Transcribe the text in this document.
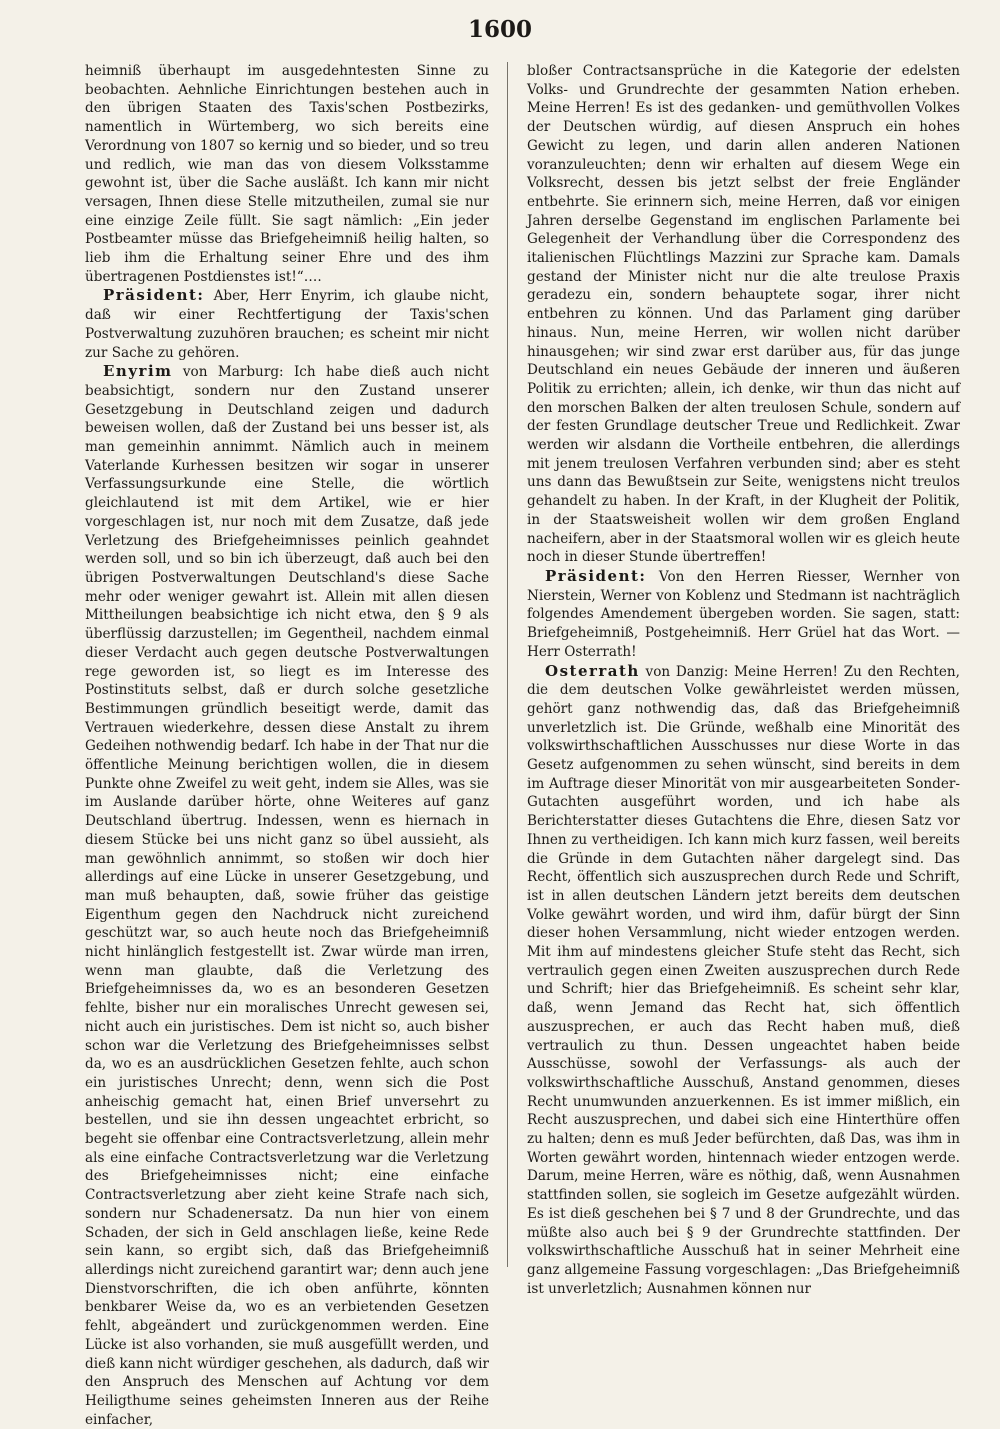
1600

heimniß überhaupt im ausgedehntesten Sinne zu beobachten. Aehnliche Einrichtungen bestehen auch in den übrigen Staaten des Taxis'schen Postbezirks, namentlich in Würtemberg, wo sich bereits eine Verordnung von 1807 so kernig und so bieder, und so treu und redlich, wie man das von diesem Volksstamme gewohnt ist, über die Sache ausläßt. Ich kann mir nicht versagen, Ihnen diese Stelle mitzutheilen, zumal sie nur eine einzige Zeile füllt. Sie sagt nämlich: „Ein jeder Postbeamter müsse das Briefgeheimniß heilig halten, so lieb ihm die Erhaltung seiner Ehre und des ihm übertragenen Postdienstes ist!“….

Präsident: Aber, Herr Enyrim, ich glaube nicht, daß wir einer Rechtfertigung der Taxis'schen Postverwaltung zuzuhören brauchen; es scheint mir nicht zur Sache zu gehören.

Enyrim von Marburg: Ich habe dieß auch nicht beabsichtigt, sondern nur den Zustand unserer Gesetzgebung in Deutschland zeigen und dadurch beweisen wollen, daß der Zustand bei uns besser ist, als man gemeinhin annimmt. Nämlich auch in meinem Vaterlande Kurhessen besitzen wir sogar in unserer Verfassungsurkunde eine Stelle, die wörtlich gleichlautend ist mit dem Artikel, wie er hier vorgeschlagen ist, nur noch mit dem Zusatze, daß jede Verletzung des Briefgeheimnisses peinlich geahndet werden soll, und so bin ich überzeugt, daß auch bei den übrigen Postverwaltungen Deutschland's diese Sache mehr oder weniger gewahrt ist. Allein mit allen diesen Mittheilungen beabsichtige ich nicht etwa, den § 9 als überflüssig darzustellen; im Gegentheil, nachdem einmal dieser Verdacht auch gegen deutsche Postverwaltungen rege geworden ist, so liegt es im Interesse des Postinstituts selbst, daß er durch solche gesetzliche Bestimmungen gründlich beseitigt werde, damit das Vertrauen wiederkehre, dessen diese Anstalt zu ihrem Gedeihen nothwendig bedarf. Ich habe in der That nur die öffentliche Meinung berichtigen wollen, die in diesem Punkte ohne Zweifel zu weit geht, indem sie Alles, was sie im Auslande darüber hörte, ohne Weiteres auf ganz Deutschland übertrug. Indessen, wenn es hiernach in diesem Stücke bei uns nicht ganz so übel aussieht, als man gewöhnlich annimmt, so stoßen wir doch hier allerdings auf eine Lücke in unserer Gesetzgebung, und man muß behaupten, daß, sowie früher das geistige Eigenthum gegen den Nachdruck nicht zureichend geschützt war, so auch heute noch das Briefgeheimniß nicht hinlänglich festgestellt ist. Zwar würde man irren, wenn man glaubte, daß die Verletzung des Briefgeheimnisses da, wo es an besonderen Gesetzen fehlte, bisher nur ein moralisches Unrecht gewesen sei, nicht auch ein juristisches. Dem ist nicht so, auch bisher schon war die Verletzung des Briefgeheimnisses selbst da, wo es an ausdrücklichen Gesetzen fehlte, auch schon ein juristisches Unrecht; denn, wenn sich die Post anheischig gemacht hat, einen Brief unversehrt zu bestellen, und sie ihn dessen ungeachtet erbricht, so begeht sie offenbar eine Contractsverletzung, allein mehr als eine einfache Contractsverletzung war die Verletzung des Briefgeheimnisses nicht; eine einfache Contractsverletzung aber zieht keine Strafe nach sich, sondern nur Schadenersatz. Da nun hier von einem Schaden, der sich in Geld anschlagen ließe, keine Rede sein kann, so ergibt sich, daß das Briefgeheimniß allerdings nicht zureichend garantirt war; denn auch jene Dienstvorschriften, die ich oben anführte, könnten benkbarer Weise da, wo es an verbietenden Gesetzen fehlt, abgeändert und zurückgenommen werden. Eine Lücke ist also vorhanden, sie muß ausgefüllt werden, und dieß kann nicht würdiger geschehen, als dadurch, daß wir den Anspruch des Menschen auf Achtung vor dem Heiligthume seines geheimsten Inneren aus der Reihe einfacher,

bloßer Contractsansprüche in die Kategorie der edelsten Volks- und Grundrechte der gesammten Nation erheben. Meine Herren! Es ist des gedanken- und gemüthvollen Volkes der Deutschen würdig, auf diesen Anspruch ein hohes Gewicht zu legen, und darin allen anderen Nationen voranzuleuchten; denn wir erhalten auf diesem Wege ein Volksrecht, dessen bis jetzt selbst der freie Engländer entbehrte. Sie erinnern sich, meine Herren, daß vor einigen Jahren derselbe Gegenstand im englischen Parlamente bei Gelegenheit der Verhandlung über die Correspondenz des italienischen Flüchtlings Mazzini zur Sprache kam. Damals gestand der Minister nicht nur die alte treulose Praxis geradezu ein, sondern behauptete sogar, ihrer nicht entbehren zu können. Und das Parlament ging darüber hinaus. Nun, meine Herren, wir wollen nicht darüber hinausgehen; wir sind zwar erst darüber aus, für das junge Deutschland ein neues Gebäude der inneren und äußeren Politik zu errichten; allein, ich denke, wir thun das nicht auf den morschen Balken der alten treulosen Schule, sondern auf der festen Grundlage deutscher Treue und Redlichkeit. Zwar werden wir alsdann die Vortheile entbehren, die allerdings mit jenem treulosen Verfahren verbunden sind; aber es steht uns dann das Bewußtsein zur Seite, wenigstens nicht treulos gehandelt zu haben. In der Kraft, in der Klugheit der Politik, in der Staatsweisheit wollen wir dem großen England nacheifern, aber in der Staatsmoral wollen wir es gleich heute noch in dieser Stunde übertreffen!

Präsident: Von den Herren Riesser, Wernher von Nierstein, Werner von Koblenz und Stedmann ist nachträglich folgendes Amendement übergeben worden. Sie sagen, statt: Briefgeheimniß, Postgeheimniß. Herr Grüel hat das Wort. — Herr Osterrath!

Osterrath von Danzig: Meine Herren! Zu den Rechten, die dem deutschen Volke gewährleistet werden müssen, gehört ganz nothwendig das, daß das Briefgeheimniß unverletzlich ist. Die Gründe, weßhalb eine Minorität des volkswirthschaftlichen Ausschusses nur diese Worte in das Gesetz aufgenommen zu sehen wünscht, sind bereits in dem im Auftrage dieser Minorität von mir ausgearbeiteten Sonder-Gutachten ausgeführt worden, und ich habe als Berichterstatter dieses Gutachtens die Ehre, diesen Satz vor Ihnen zu vertheidigen. Ich kann mich kurz fassen, weil bereits die Gründe in dem Gutachten näher dargelegt sind. Das Recht, öffentlich sich auszusprechen durch Rede und Schrift, ist in allen deutschen Ländern jetzt bereits dem deutschen Volke gewährt worden, und wird ihm, dafür bürgt der Sinn dieser hohen Versammlung, nicht wieder entzogen werden. Mit ihm auf mindestens gleicher Stufe steht das Recht, sich vertraulich gegen einen Zweiten auszusprechen durch Rede und Schrift; hier das Briefgeheimniß. Es scheint sehr klar, daß, wenn Jemand das Recht hat, sich öffentlich auszusprechen, er auch das Recht haben muß, dieß vertraulich zu thun. Dessen ungeachtet haben beide Ausschüsse, sowohl der Verfassungs- als auch der volkswirthschaftliche Ausschuß, Anstand genommen, dieses Recht unumwunden anzuerkennen. Es ist immer mißlich, ein Recht auszusprechen, und dabei sich eine Hinterthüre offen zu halten; denn es muß Jeder befürchten, daß Das, was ihm in Worten gewährt worden, hintennach wieder entzogen werde. Darum, meine Herren, wäre es nöthig, daß, wenn Ausnahmen stattfinden sollen, sie sogleich im Gesetze aufgezählt würden. Es ist dieß geschehen bei § 7 und 8 der Grundrechte, und das müßte also auch bei § 9 der Grundrechte stattfinden. Der volkswirthschaftliche Ausschuß hat in seiner Mehrheit eine ganz allgemeine Fassung vorgeschlagen: „Das Briefgeheimniß ist unverletzlich; Ausnahmen können nur
